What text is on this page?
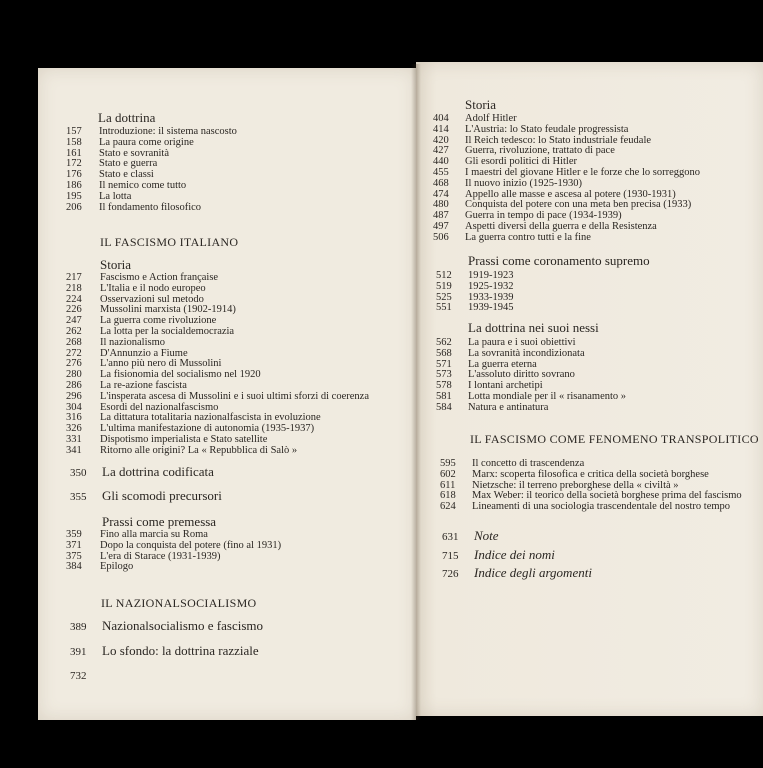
La dottrina
157 Introduzione: il sistema nascosto
158 La paura come origine
161 Stato e sovranità
172 Stato e guerra
176 Stato e classi
186 Il nemico come tutto
195 La lotta
206 Il fondamento filosofico
IL FASCISMO ITALIANO
Storia
217 Fascismo e Action française
218 L'Italia e il nodo europeo
224 Osservazioni sul metodo
226 Mussolini marxista (1902-1914)
247 La guerra come rivoluzione
262 La lotta per la socialdemocrazia
268 Il nazionalismo
272 D'Annunzio a Fiume
276 L'anno più nero di Mussolini
280 La fisionomia del socialismo nel 1920
286 La re-azione fascista
296 L'insperata ascesa di Mussolini e i suoi ultimi sforzi di coerenza
304 Esordi del nazionalfascismo
316 La dittatura totalitaria nazionalfascista in evoluzione
326 L'ultima manifestazione di autonomia (1935-1937)
331 Dispotismo imperialista e Stato satellite
341 Ritorno alle origini? La « Repubblica di Salò »
350 La dottrina codificata
355 Gli scomodi precursori
Prassi come premessa
359 Fino alla marcia su Roma
371 Dopo la conquista del potere (fino al 1931)
375 L'era di Starace (1931-1939)
384 Epilogo
IL NAZIONALSOCIALISMO
389 Nazionalsocialismo e fascismo
391 Lo sfondo: la dottrina razziale
732
Storia
404 Adolf Hitler
414 L'Austria: lo Stato feudale progressista
420 Il Reich tedesco: lo Stato industriale feudale
427 Guerra, rivoluzione, trattato di pace
440 Gli esordi politici di Hitler
455 I maestri del giovane Hitler e le forze che lo sorreggono
468 Il nuovo inizio (1925-1930)
474 Appello alle masse e ascesa al potere (1930-1931)
480 Conquista del potere con una meta ben precisa (1933)
487 Guerra in tempo di pace (1934-1939)
497 Aspetti diversi della guerra e della Resistenza
506 La guerra contro tutti e la fine
Prassi come coronamento supremo
512 1919-1923
519 1925-1932
525 1933-1939
551 1939-1945
La dottrina nei suoi nessi
562 La paura e i suoi obiettivi
568 La sovranità incondizionata
571 La guerra eterna
573 L'assoluto diritto sovrano
578 I lontani archetipi
581 Lotta mondiale per il « risanamento »
584 Natura e antinatura
IL FASCISMO COME FENOMENO TRANSPOLITICO
595 Il concetto di trascendenza
602 Marx: scoperta filosofica e critica della società borghese
611 Nietzsche: il terreno preborghese della « civiltà »
618 Max Weber: il teorico della società borghese prima del fascismo
624 Lineamenti di una sociologia trascendentale del nostro tempo
631 Note
715 Indice dei nomi
726 Indice degli argomenti
